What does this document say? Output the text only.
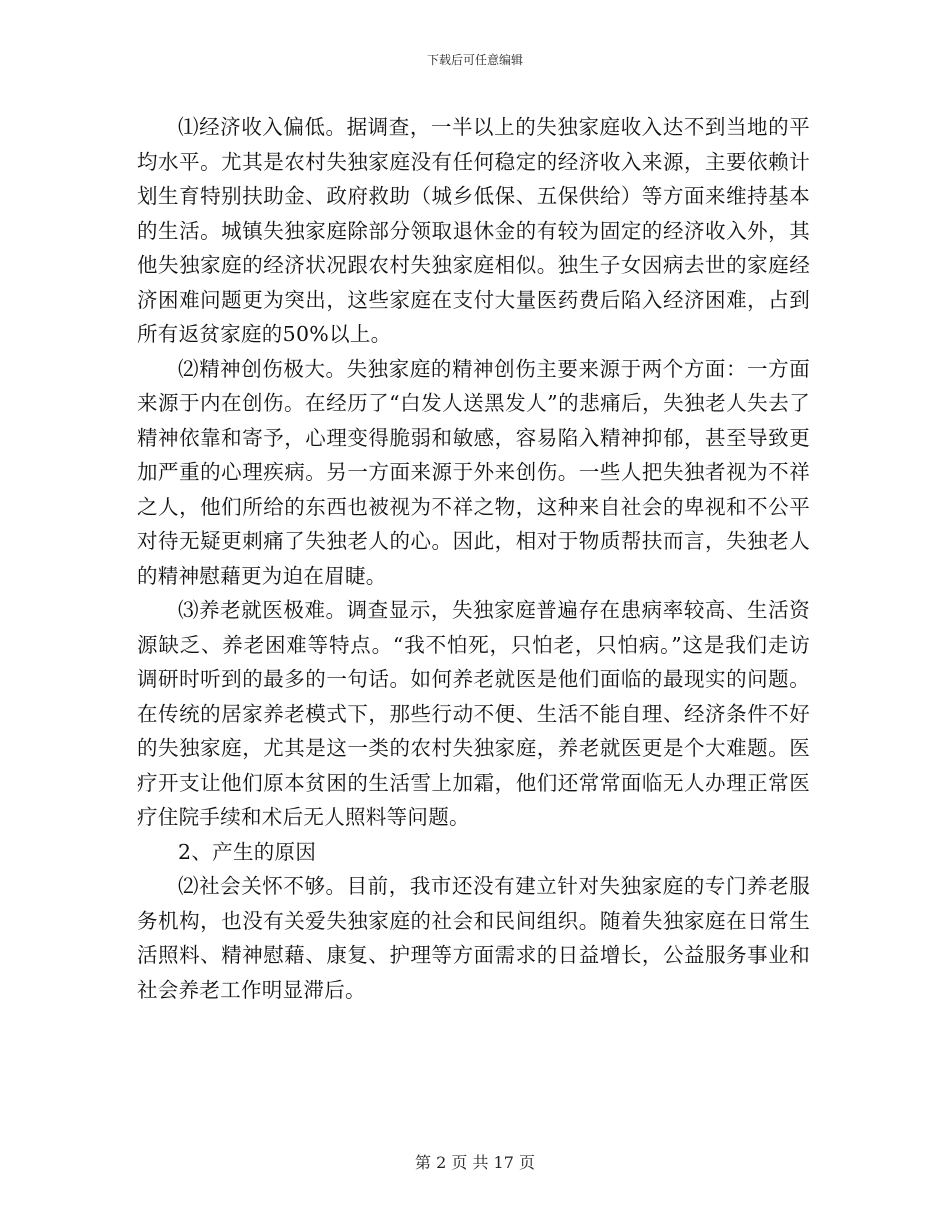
下载后可任意编辑

⑴经济收入偏低。据调查，一半以上的失独家庭收入达不到当地的平均水平。尤其是农村失独家庭没有任何稳定的经济收入来源，主要依赖计划生育特别扶助金、政府救助（城乡低保、五保供给）等方面来维持基本的生活。城镇失独家庭除部分领取退休金的有较为固定的经济收入外，其他失独家庭的经济状况跟农村失独家庭相似。独生子女因病去世的家庭经济困难问题更为突出，这些家庭在支付大量医药费后陷入经济困难，占到所有返贫家庭的50%以上。

⑵精神创伤极大。失独家庭的精神创伤主要来源于两个方面：一方面来源于内在创伤。在经历了“白发人送黑发人”的悲痛后，失独老人失去了精神依靠和寄予，心理变得脆弱和敏感，容易陷入精神抑郁，甚至导致更加严重的心理疾病。另一方面来源于外来创伤。一些人把失独者视为不祥之人，他们所给的东西也被视为不祥之物，这种来自社会的卑视和不公平对待无疑更刺痛了失独老人的心。因此，相对于物质帮扶而言，失独老人的精神慰藉更为迫在眉睫。

⑶养老就医极难。调查显示，失独家庭普遍存在患病率较高、生活资源缺乏、养老困难等特点。“我不怕死，只怕老，只怕病。”这是我们走访调研时听到的最多的一句话。如何养老就医是他们面临的最现实的问题。在传统的居家养老模式下，那些行动不便、生活不能自理、经济条件不好的失独家庭，尤其是这一类的农村失独家庭，养老就医更是个大难题。医疗开支让他们原本贫困的生活雪上加霜，他们还常常面临无人办理正常医疗住院手续和术后无人照料等问题。

2、产生的原因

⑵社会关怀不够。目前，我市还没有建立针对失独家庭的专门养老服务机构，也没有关爱失独家庭的社会和民间组织。随着失独家庭在日常生活照料、精神慰藉、康复、护理等方面需求的日益增长，公益服务事业和社会养老工作明显滞后。

第 2 页 共 17 页
